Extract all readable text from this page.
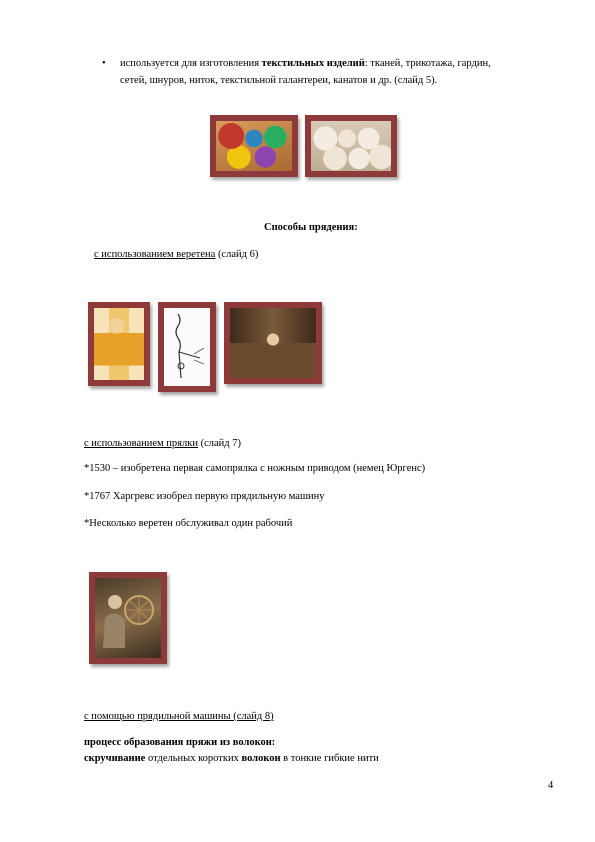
• используется для изготовления текстильных изделий: тканей, трикотажа, гардин,
сетей, шнуров, ниток, текстильной галантереи, канатов и др. (слайд 5).
Способы прядения:
с использованием веретена (слайд 6)
с использованием прялки (слайд 7)
*1530 – изобретена первая самопрялка с ножным приводом (немец Юргенс)
*1767 Харгревс изобрел первую прядильную машину
*Несколько веретен обслуживал один рабочий
с помощью прядильной машины (слайд 8)
процесс образования пряжи из волокон:
скручивание отдельных коротких волокон в тонкие гибкие нити
4
